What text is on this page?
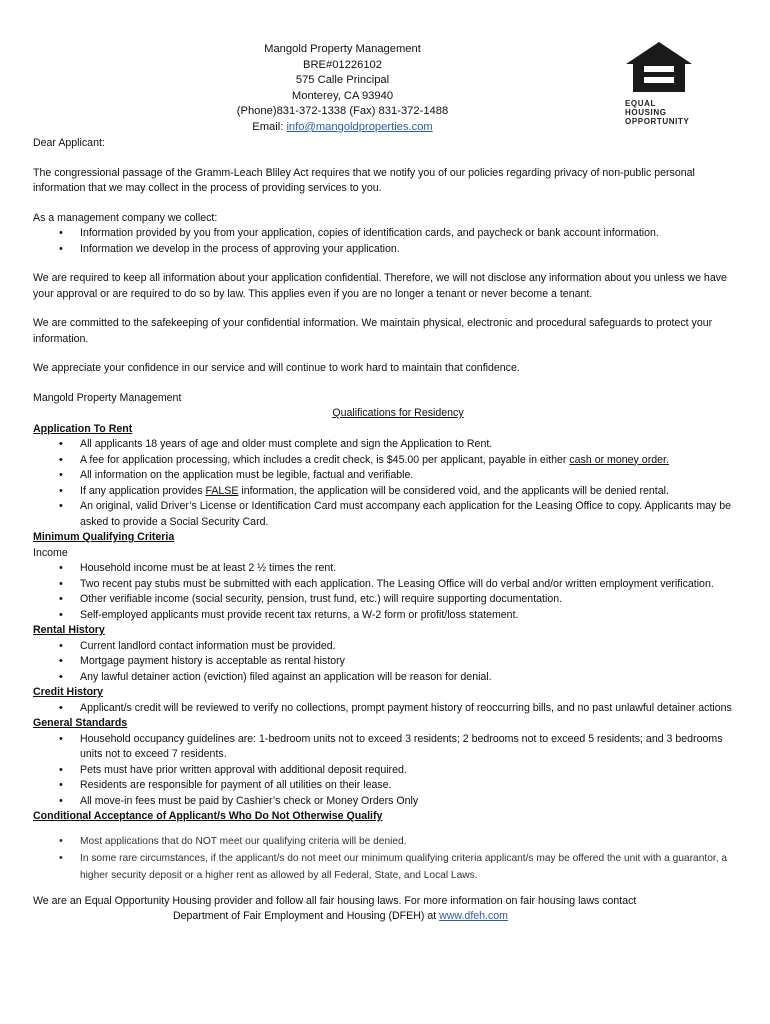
Mangold Property Management
BRE#01226102
575 Calle Principal
Monterey, CA 93940
(Phone)831-372-1338 (Fax) 831-372-1488
Email: info@mangoldproperties.com
EQUAL HOUSING
OPPORTUNITY

Dear Applicant:

The congressional passage of the Gramm-Leach Bliley Act requires that we notify you of our policies regarding privacy of non-public personal information that we may collect in the process of providing services to you.

As a management company we collect:

• Information provided by you from your application, copies of identification cards, and paycheck or bank account information.
• Information we develop in the process of approving your application.

We are required to keep all information about your application confidential. Therefore, we will not disclose any information about you unless we have your approval or are required to do so by law. This applies even if you are no longer a tenant or never become a tenant.

We are committed to the safekeeping of your confidential information. We maintain physical, electronic and procedural safeguards to protect your information.

We appreciate your confidence in our service and will continue to work hard to maintain that confidence.

Mangold Property Management

Qualifications for Residency

Application To Rent

• All applicants 18 years of age and older must complete and sign the Application to Rent.
• A fee for application processing, which includes a credit check, is $45.00 per applicant, payable in either cash or money order.
• All information on the application must be legible, factual and verifiable.
• If any application provides FALSE information, the application will be considered void, and the applicants will be denied rental.
• An original, valid Driver’s License or Identification Card must accompany each application for the Leasing Office to copy. Applicants may be asked to provide a Social Security Card.

Minimum Qualifying Criteria

Income

• Household income must be at least 2 ½ times the rent.
• Two recent pay stubs must be submitted with each application. The Leasing Office will do verbal and/or written employment verification.
• Other verifiable income (social security, pension, trust fund, etc.) will require supporting documentation.
• Self-employed applicants must provide recent tax returns, a W-2 form or profit/loss statement.

Rental History

• Current landlord contact information must be provided.
• Mortgage payment history is acceptable as rental history
• Any lawful detainer action (eviction) filed against an application will be reason for denial.

Credit History

• Applicant/s credit will be reviewed to verify no collections, prompt payment history of reoccurring bills, and no past unlawful detainer actions

General Standards

• Household occupancy guidelines are: 1-bedroom units not to exceed 3 residents; 2 bedrooms not to exceed 5 residents; and 3 bedrooms units not to exceed 7 residents.
• Pets must have prior written approval with additional deposit required.
• Residents are responsible for payment of all utilities on their lease.
• All move-in fees must be paid by Cashier’s check or Money Orders Only

Conditional Acceptance of Applicant/s Who Do Not Otherwise Qualify

• Most applications that do NOT meet our qualifying criteria will be denied.
• In some rare circumstances, if the applicant/s do not meet our minimum qualifying criteria applicant/s may be offered the unit with a guarantor, a higher security deposit or a higher rent as allowed by all Federal, State, and Local Laws.

We are an Equal Opportunity Housing provider and follow all fair housing laws. For more information on fair housing laws contact

Department of Fair Employment and Housing (DFEH) at www.dfeh.com
